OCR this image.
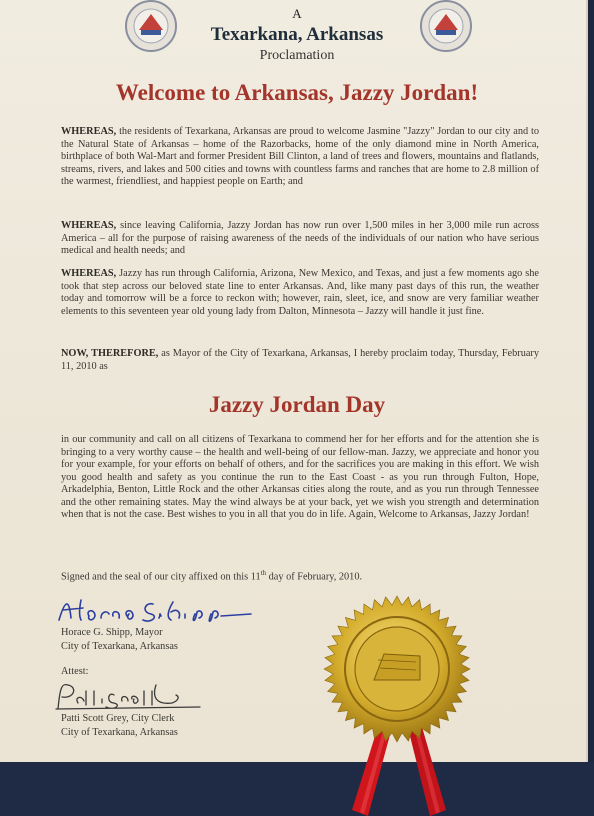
A
Texarkana, Arkansas
Proclamation
Welcome to Arkansas, Jazzy Jordan!
WHEREAS, the residents of Texarkana, Arkansas are proud to welcome Jasmine "Jazzy" Jordan to our city and to the Natural State of Arkansas – home of the Razorbacks, home of the only diamond mine in North America, birthplace of both Wal-Mart and former President Bill Clinton, a land of trees and flowers, mountains and flatlands, streams, rivers, and lakes and 500 cities and towns with countless farms and ranches that are home to 2.8 million of the warmest, friendliest, and happiest people on Earth; and
WHEREAS, since leaving California, Jazzy Jordan has now run over 1,500 miles in her 3,000 mile run across America – all for the purpose of raising awareness of the needs of the individuals of our nation who have serious medical and health needs; and
WHEREAS, Jazzy has run through California, Arizona, New Mexico, and Texas, and just a few moments ago she took that step across our beloved state line to enter Arkansas. And, like many past days of this run, the weather today and tomorrow will be a force to reckon with; however, rain, sleet, ice, and snow are very familiar weather elements to this seventeen year old young lady from Dalton, Minnesota – Jazzy will handle it just fine.
NOW, THEREFORE, as Mayor of the City of Texarkana, Arkansas, I hereby proclaim today, Thursday, February 11, 2010 as
Jazzy Jordan Day
in our community and call on all citizens of Texarkana to commend her for her efforts and for the attention she is bringing to a very worthy cause – the health and well-being of our fellow-man. Jazzy, we appreciate and honor you for your example, for your efforts on behalf of others, and for the sacrifices you are making in this effort. We wish you good health and safety as you continue the run to the East Coast - as you run through Fulton, Hope, Arkadelphia, Benton, Little Rock and the other Arkansas cities along the route, and as you run through Tennessee and the other remaining states. May the wind always be at your back, yet we wish you strength and determination when that is not the case. Best wishes to you in all that you do in life. Again, Welcome to Arkansas, Jazzy Jordan!
Signed and the seal of our city affixed on this 11th day of February, 2010.
Horace G. Shipp, Mayor
City of Texarkana, Arkansas
Attest:
Patti Scott Grey, City Clerk
City of Texarkana, Arkansas
